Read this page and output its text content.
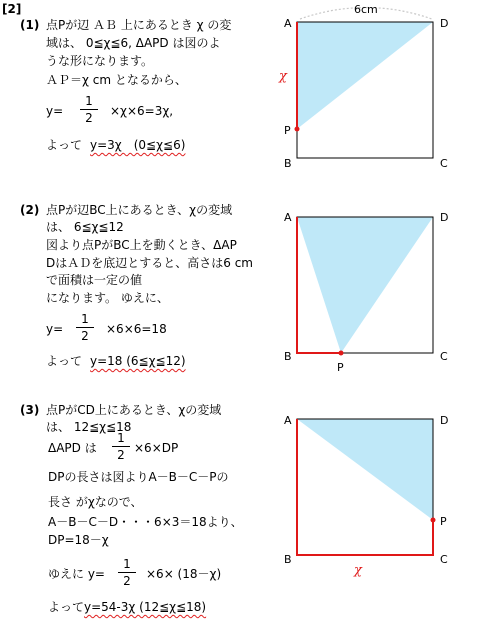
[2]
(1) 点Pが辺 ＡＢ 上にあるとき χ の変
域は、 0≦χ≦6, ΔAPD は図のよ
うな形になります。
ＡＰ＝χ cm となるから、
y=
1
2	×χ×6=3χ,
よって y=3χ　(0≦χ≦6)
(2) 点Pが辺BC上にあるとき、χの変域
は、 6≦χ≦12
図より点PがBC上を動くとき、ΔAP
DはＡＤを底辺とすると、高さは6 cm
で面積は一定の値
になります。 ゆえに、
y=
1
2	×6×6=18
よって y=18 (6≦χ≦12)
(3) 点PがCD上にあるとき、χの変域
は、 12≦χ≦18
ΔAPD は
1
2 ×6×DP
DPの長さは図よりA－B－C－Pの
長さ がχなので、
A－B－C－D・・・6×3＝18より、
DP=18－χ
ゆえに y=
1
2	×6× (18－χ)
よって y=54-3χ (12≦χ≦18)
A	D
B	C
P
6cm
χ
A	D
B	C
P
A	D
B	C
P
χ
